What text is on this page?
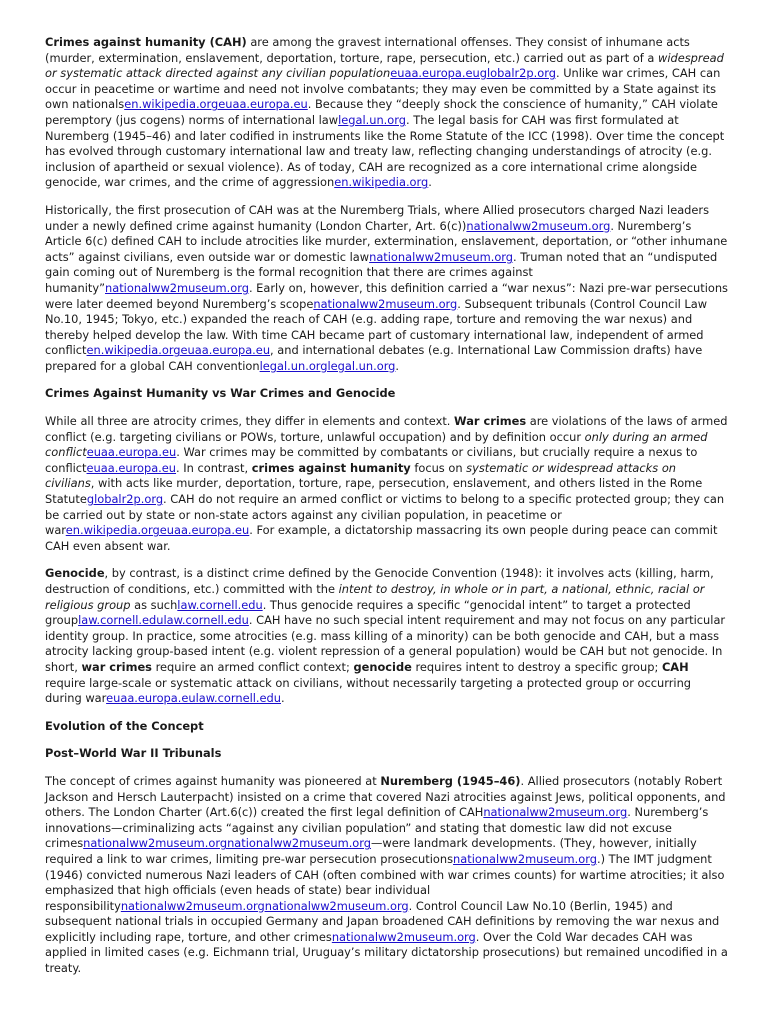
Crimes against humanity (CAH) are among the gravest international offenses. They consist of inhumane acts (murder, extermination, enslavement, deportation, torture, rape, persecution, etc.) carried out as part of a widespread or systematic attack directed against any civilian populationeuaa.europa.euglobalr2p.org. Unlike war crimes, CAH can occur in peacetime or wartime and need not involve combatants; they may even be committed by a State against its own nationalsen.wikipedia.orgeuaa.europa.eu. Because they “deeply shock the conscience of humanity,” CAH violate peremptory (jus cogens) norms of international lawlegal.un.org. The legal basis for CAH was first formulated at Nuremberg (1945–46) and later codified in instruments like the Rome Statute of the ICC (1998). Over time the concept has evolved through customary international law and treaty law, reflecting changing understandings of atrocity (e.g. inclusion of apartheid or sexual violence). As of today, CAH are recognized as a core international crime alongside genocide, war crimes, and the crime of aggressionen.wikipedia.org.

Historically, the first prosecution of CAH was at the Nuremberg Trials, where Allied prosecutors charged Nazi leaders under a newly defined crime against humanity (London Charter, Art. 6(c))nationalww2museum.org. Nuremberg’s Article 6(c) defined CAH to include atrocities like murder, extermination, enslavement, deportation, or “other inhumane acts” against civilians, even outside war or domestic lawnationalww2museum.org. Truman noted that an “undisputed gain coming out of Nuremberg is the formal recognition that there are crimes against humanity”nationalww2museum.org. Early on, however, this definition carried a “war nexus”: Nazi pre-war persecutions were later deemed beyond Nuremberg’s scopenationalww2museum.org. Subsequent tribunals (Control Council Law No.10, 1945; Tokyo, etc.) expanded the reach of CAH (e.g. adding rape, torture and removing the war nexus) and thereby helped develop the law. With time CAH became part of customary international law, independent of armed conflicten.wikipedia.orgeuaa.europa.eu, and international debates (e.g. International Law Commission drafts) have prepared for a global CAH conventionlegal.un.orglegal.un.org.

Crimes Against Humanity vs War Crimes and Genocide

While all three are atrocity crimes, they differ in elements and context. War crimes are violations of the laws of armed conflict (e.g. targeting civilians or POWs, torture, unlawful occupation) and by definition occur only during an armed conflicteuaa.europa.eu. War crimes may be committed by combatants or civilians, but crucially require a nexus to conflicteuaa.europa.eu. In contrast, crimes against humanity focus on systematic or widespread attacks on civilians, with acts like murder, deportation, torture, rape, persecution, enslavement, and others listed in the Rome Statuteglobalr2p.org. CAH do not require an armed conflict or victims to belong to a specific protected group; they can be carried out by state or non-state actors against any civilian population, in peacetime or waren.wikipedia.orgeuaa.europa.eu. For example, a dictatorship massacring its own people during peace can commit CAH even absent war.

Genocide, by contrast, is a distinct crime defined by the Genocide Convention (1948): it involves acts (killing, harm, destruction of conditions, etc.) committed with the intent to destroy, in whole or in part, a national, ethnic, racial or religious group as suchlaw.cornell.edu. Thus genocide requires a specific “genocidal intent” to target a protected grouplaw.cornell.edulaw.cornell.edu. CAH have no such special intent requirement and may not focus on any particular identity group. In practice, some atrocities (e.g. mass killing of a minority) can be both genocide and CAH, but a mass atrocity lacking group-based intent (e.g. violent repression of a general population) would be CAH but not genocide. In short, war crimes require an armed conflict context; genocide requires intent to destroy a specific group; CAH require large-scale or systematic attack on civilians, without necessarily targeting a protected group or occurring during wareuaa.europa.eulaw.cornell.edu.

Evolution of the Concept
Post–World War II Tribunals

The concept of crimes against humanity was pioneered at Nuremberg (1945–46). Allied prosecutors (notably Robert Jackson and Hersch Lauterpacht) insisted on a crime that covered Nazi atrocities against Jews, political opponents, and others. The London Charter (Art.6(c)) created the first legal definition of CAHnationalww2museum.org. Nuremberg’s innovations—criminalizing acts “against any civilian population” and stating that domestic law did not excuse crimesnationalww2museum.orgnationalww2museum.org—were landmark developments. (They, however, initially required a link to war crimes, limiting pre-war persecution prosecutionsnationalww2museum.org.) The IMT judgment (1946) convicted numerous Nazi leaders of CAH (often combined with war crimes counts) for wartime atrocities; it also emphasized that high officials (even heads of state) bear individual responsibilitynationalww2museum.orgnationalww2museum.org. Control Council Law No.10 (Berlin, 1945) and subsequent national trials in occupied Germany and Japan broadened CAH definitions by removing the war nexus and explicitly including rape, torture, and other crimesnationalww2museum.org. Over the Cold War decades CAH was applied in limited cases (e.g. Eichmann trial, Uruguay’s military dictatorship prosecutions) but remained uncodified in a treaty.
